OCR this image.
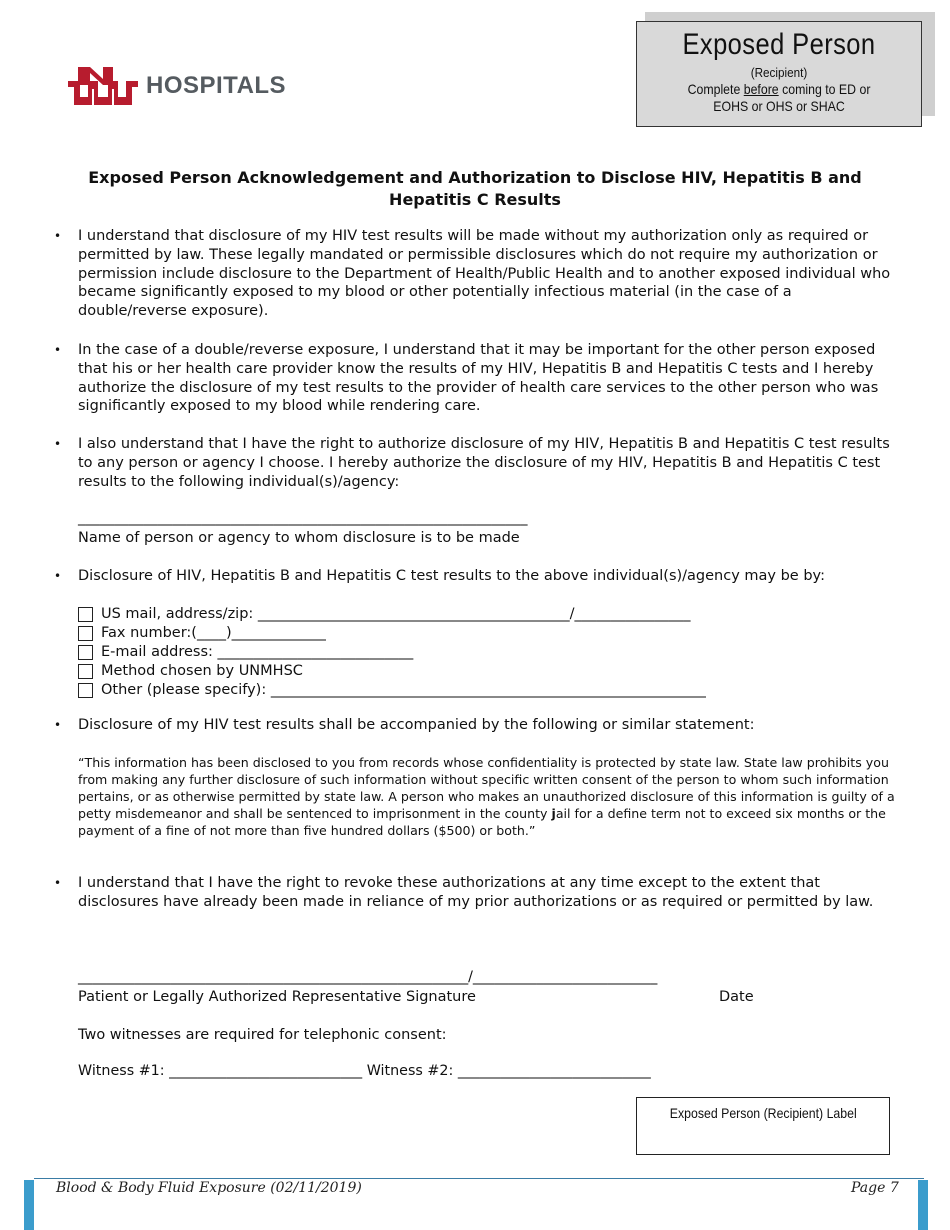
HOSPITALS
Exposed Person
(Recipient)
Complete before coming to ED or
EOHS or OHS or SHAC
Exposed Person Acknowledgement and Authorization to Disclose HIV, Hepatitis B and
Hepatitis C Results
• I understand that disclosure of my HIV test results will be made without my authorization only as required or permitted by law. These legally mandated or permissible disclosures which do not require my authorization or permission include disclosure to the Department of Health/Public Health and to another exposed individual who became significantly exposed to my blood or other potentially infectious material (in the case of a double/reverse exposure).
• In the case of a double/reverse exposure, I understand that it may be important for the other person exposed that his or her health care provider know the results of my HIV, Hepatitis B and Hepatitis C tests and I hereby authorize the disclosure of my test results to the provider of health care services to the other person who was significantly exposed to my blood while rendering care.
• I also understand that I have the right to authorize disclosure of my HIV, Hepatitis B and Hepatitis C test results to any person or agency I choose. I hereby authorize the disclosure of my HIV, Hepatitis B and Hepatitis C test results to the following individual(s)/agency:
______________________________________________________________
Name of person or agency to whom disclosure is to be made
• Disclosure of HIV, Hepatitis B and Hepatitis C test results to the above individual(s)/agency may be by:
US mail, address/zip: ___________________________________________/________________
Fax number:(____)_____________
E-mail address: ___________________________
Method chosen by UNMHSC
Other (please specify): ____________________________________________________________
• Disclosure of my HIV test results shall be accompanied by the following or similar statement:
“This information has been disclosed to you from records whose confidentiality is protected by state law. State law prohibits you from making any further disclosure of such information without specific written consent of the person to whom such information pertains, or as otherwise permitted by state law. A person who makes an unauthorized disclosure of this information is guilty of a petty misdemeanor and shall be sentenced to imprisonment in the county jail for a define term not to exceed six months or the payment of a fine of not more than five hundred dollars ($500) or both.”
• I understand that I have the right to revoke these authorizations at any time except to the extent that disclosures have already been made in reliance of my prior authorizations or as required or permitted by law.
_______________________________________________________/__________________________
Patient or Legally Authorized Representative Signature	Date
Two witnesses are required for telephonic consent:
Witness #1: ___________________________ Witness #2: ___________________________
Exposed Person (Recipient) Label
Blood & Body Fluid Exposure (02/11/2019)	Page 7
